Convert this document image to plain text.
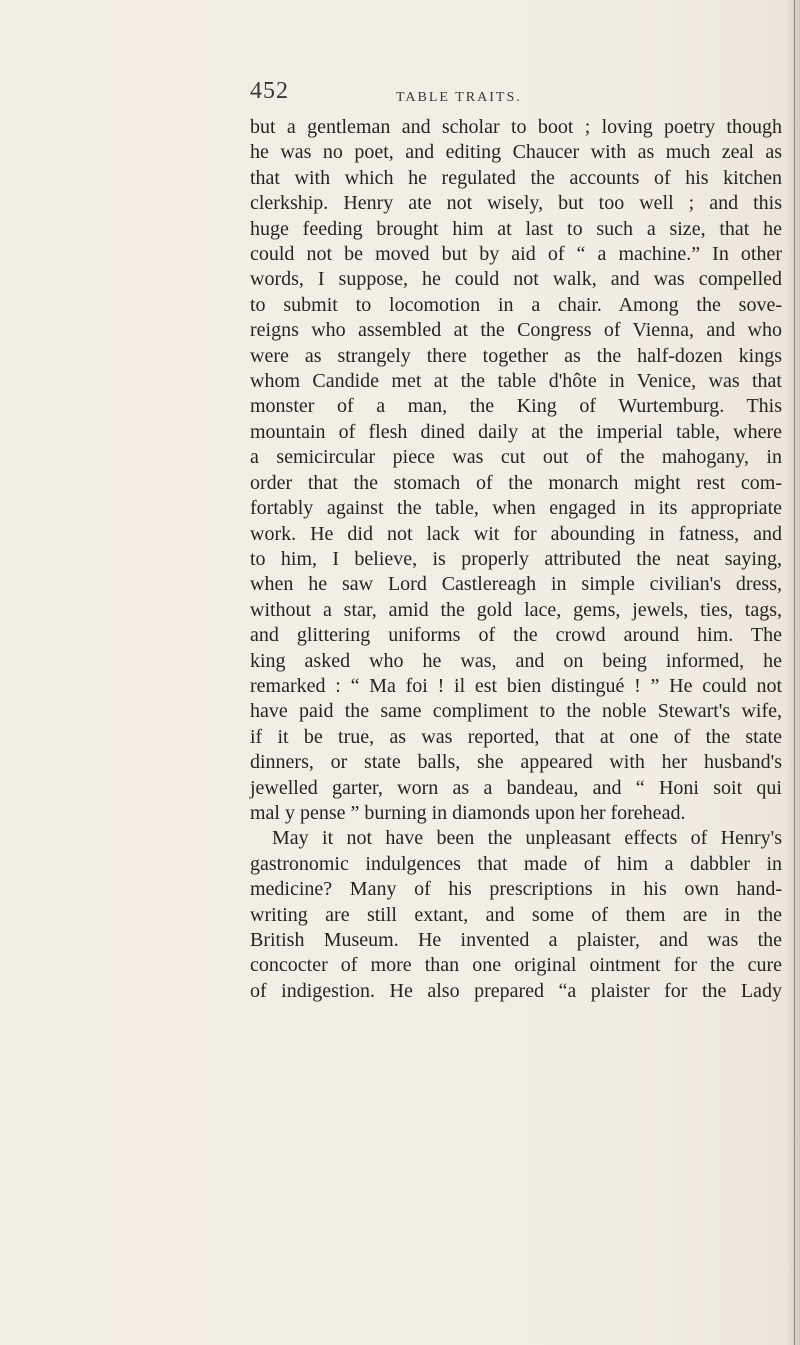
452	TABLE TRAITS.
but a gentleman and scholar to boot ; loving poetry though
he was no poet, and editing Chaucer with as much zeal as
that with which he regulated the accounts of his kitchen
clerkship. Henry ate not wisely, but too well ; and this
huge feeding brought him at last to such a size, that he
could not be moved but by aid of “ a machine.” In other
words, I suppose, he could not walk, and was compelled
to submit to locomotion in a chair. Among the sove-
reigns who assembled at the Congress of Vienna, and who
were as strangely there together as the half-dozen kings
whom Candide met at the table d'hôte in Venice, was that
monster of a man, the King of Wurtemburg. This
mountain of flesh dined daily at the imperial table, where
a semicircular piece was cut out of the mahogany, in
order that the stomach of the monarch might rest com-
fortably against the table, when engaged in its appropriate
work. He did not lack wit for abounding in fatness, and
to him, I believe, is properly attributed the neat saying,
when he saw Lord Castlereagh in simple civilian's dress,
without a star, amid the gold lace, gems, jewels, ties, tags,
and glittering uniforms of the crowd around him. The
king asked who he was, and on being informed, he
remarked : “ Ma foi ! il est bien distingué ! ” He could not
have paid the same compliment to the noble Stewart's wife,
if it be true, as was reported, that at one of the state
dinners, or state balls, she appeared with her husband's
jewelled garter, worn as a bandeau, and “ Honi soit qui
mal y pense ” burning in diamonds upon her forehead.
May it not have been the unpleasant effects of Henry's
gastronomic indulgences that made of him a dabbler in
medicine? Many of his prescriptions in his own hand-
writing are still extant, and some of them are in the
British Museum. He invented a plaister, and was the
concocter of more than one original ointment for the cure
of indigestion. He also prepared “a plaister for the Lady
